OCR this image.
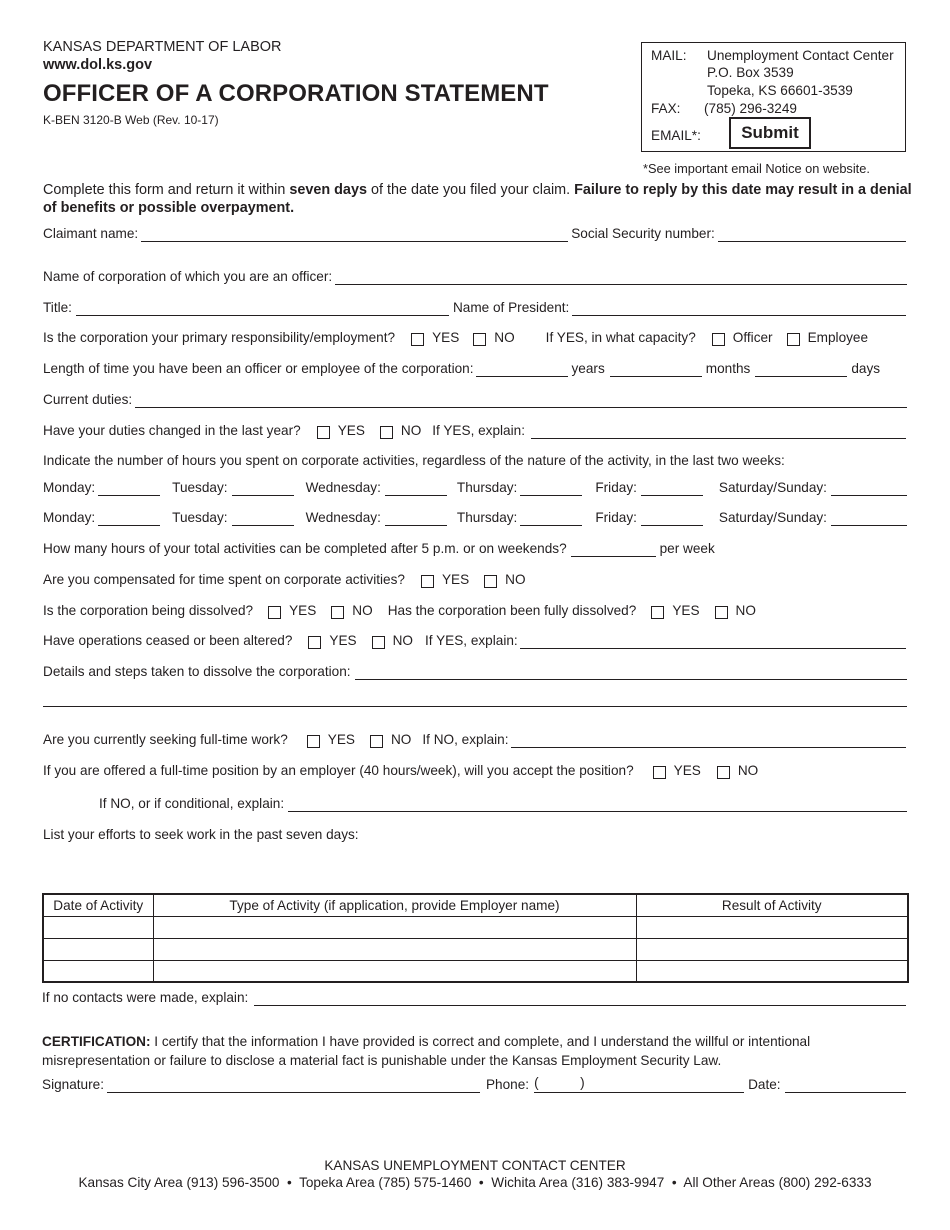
KANSAS DEPARTMENT OF LABOR
www.dol.ks.gov
OFFICER OF A CORPORATION STATEMENT
K-BEN 3120-B Web (Rev. 10-17)
MAIL: Unemployment Contact Center
P.O. Box 3539
Topeka, KS 66601-3539
FAX: (785) 296-3249
EMAIL*:	Submit
*See important email Notice on website.
Complete this form and return it within seven days of the date you filed your claim. Failure to reply by this date may result in a denial of benefits or possible overpayment.
Claimant name:	Social Security number:
Name of corporation of which you are an officer:
Title:	Name of President:
Is the corporation your primary responsibility/employment?	YES	NO If YES, in what capacity?	Officer	Employee
Length of time you have been an officer or employee of the corporation:	years	months	days
Current duties:
Have your duties changed in the last year?	YES	NO If YES, explain:
Indicate the number of hours you spent on corporate activities, regardless of the nature of the activity, in the last two weeks:
Monday:	Tuesday:	Wednesday:	Thursday:	Friday:	Saturday/Sunday:
Monday:	Tuesday:	Wednesday:	Thursday:	Friday:	Saturday/Sunday:
How many hours of your total activities can be completed after 5 p.m. or on weekends?	per week
Are you compensated for time spent on corporate activities?	YES	NO
Is the corporation being dissolved?	YES	NO Has the corporation been fully dissolved?	YES	NO
Have operations ceased or been altered?	YES	NO If YES, explain:
Details and steps taken to dissolve the corporation:
Are you currently seeking full-time work?	YES	NO If NO, explain:
If you are offered a full-time position by an employer (40 hours/week), will you accept the position?	YES	NO
If NO, or if conditional, explain:
List your efforts to seek work in the past seven days:
Date of Activity	Type of Activity (if application, provide Employer name)	Result of Activity

If no contacts were made, explain:
CERTIFICATION: I certify that the information I have provided is correct and complete, and I understand the willful or intentional misrepresentation or failure to disclose a material fact is punishable under the Kansas Employment Security Law.
Signature:	Phone: (	)	Date:
KANSAS UNEMPLOYMENT CONTACT CENTER
Kansas City Area (913) 596-3500  •  Topeka Area (785) 575-1460  •  Wichita Area (316) 383-9947  •  All Other Areas (800) 292-6333
